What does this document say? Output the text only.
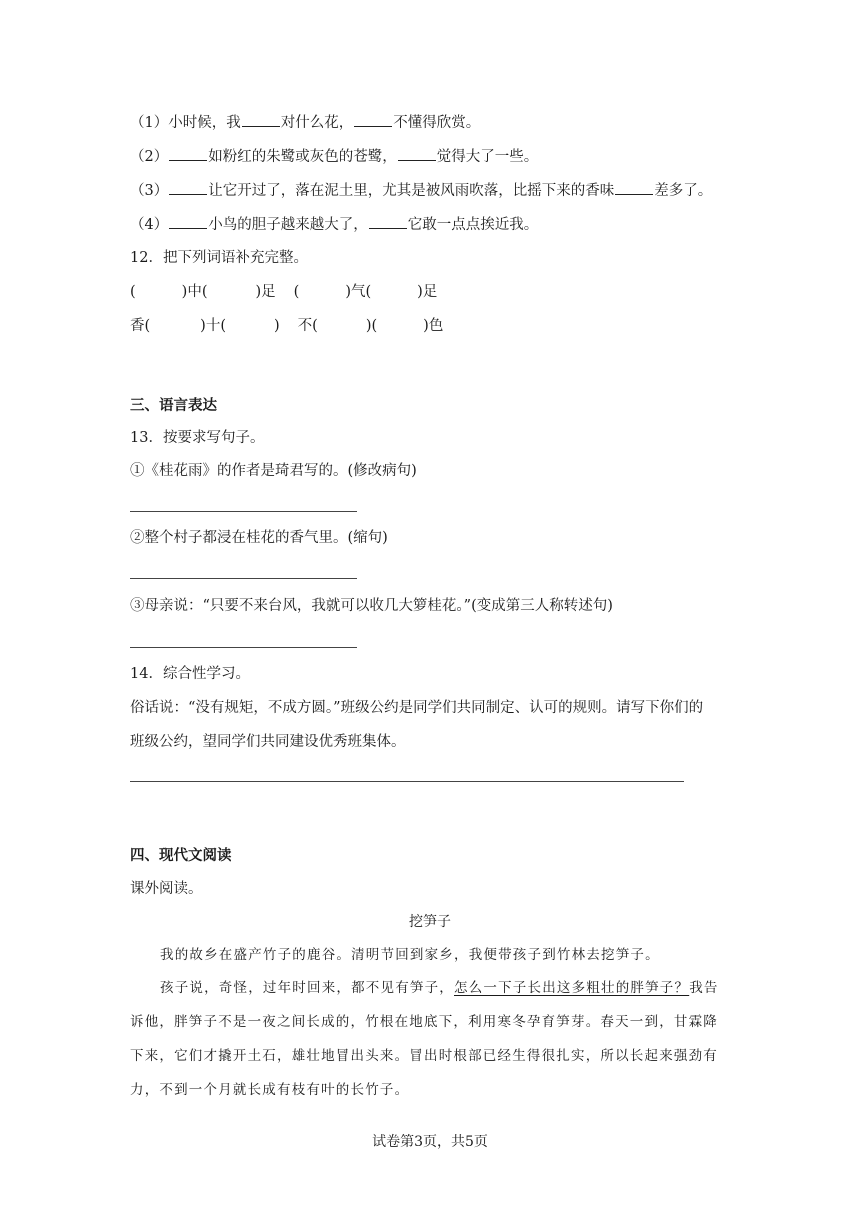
（1）小时候，我	对什么花，	不懂得欣赏。
（2）	如粉红的朱鹭或灰色的苍鹭，	觉得大了一些。
（3）	让它开过了，落在泥土里，尤其是被风雨吹落，比摇下来的香味	差多了。
（4）	小鸟的胆子越来越大了，	它敢一点点挨近我。
12．把下列词语补充完整。
(	)中(	)足 (	)气(	)足
香(	)十(	) 不(	)(	)色
三、语言表达
13．按要求写句子。
①《桂花雨》的作者是琦君写的。(修改病句)
②整个村子都浸在桂花的香气里。(缩句)
③母亲说：“只要不来台风，我就可以收几大箩桂花。”(变成第三人称转述句)
14．综合性学习。
俗话说：“没有规矩，不成方圆。”班级公约是同学们共同制定、认可的规则。请写下你们的
班级公约，望同学们共同建设优秀班集体。
四、现代文阅读
课外阅读。
挖笋子
我的故乡在盛产竹子的鹿谷。清明节回到家乡，我便带孩子到竹林去挖笋子。
孩子说，奇怪，过年时回来，都不见有笋子，怎么一下子长出这多粗壮的胖笋子？我告
诉他，胖笋子不是一夜之间长成的，竹根在地底下，利用寒冬孕育笋芽。春天一到，甘霖降
下来，它们才撬开土石，雄壮地冒出头来。冒出时根部已经生得很扎实，所以长起来强劲有
力，不到一个月就长成有枝有叶的长竹子。
试卷第3页，共5页
